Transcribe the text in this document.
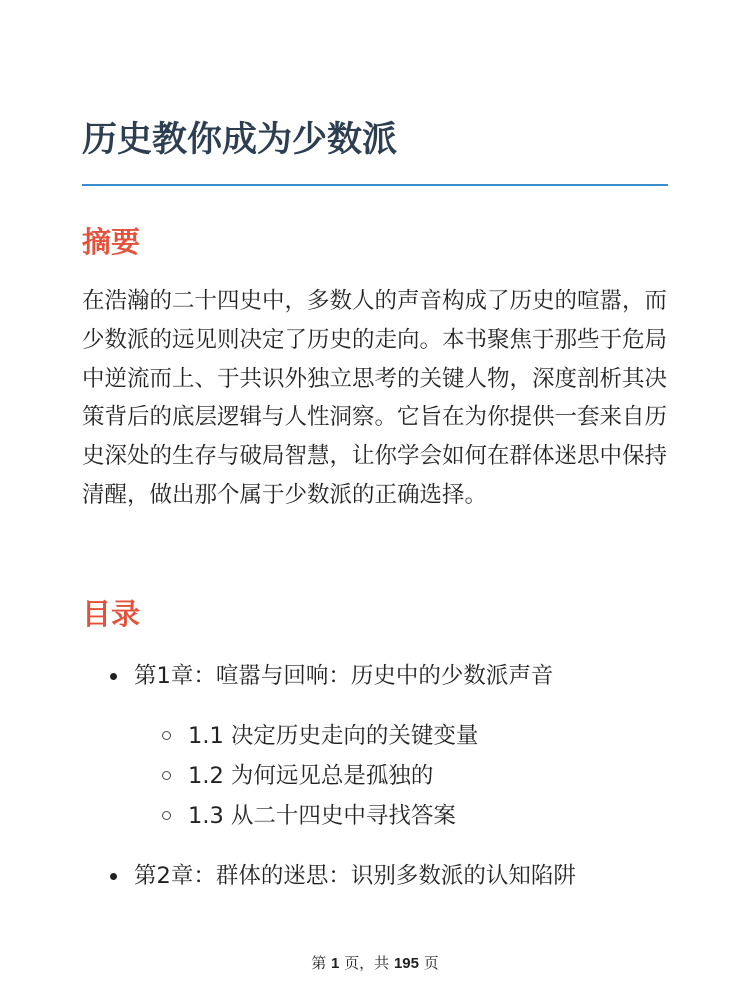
历史教你成为少数派
摘要

在浩瀚的二十四史中，多数人的声音构成了历史的喧嚣，而少数派的远见则决定了历史的走向。本书聚焦于那些于危局中逆流而上、于共识外独立思考的关键人物，深度剖析其决策背后的底层逻辑与人性洞察。它旨在为你提供一套来自历史深处的生存与破局智慧，让你学会如何在群体迷思中保持清醒，做出那个属于少数派的正确选择。

目录
第1章：喧嚣与回响：历史中的少数派声音
1.1 决定历史走向的关键变量
1.2 为何远见总是孤独的
1.3 从二十四史中寻找答案
第2章：群体的迷思：识别多数派的认知陷阱
第 1 页，共 195 页
